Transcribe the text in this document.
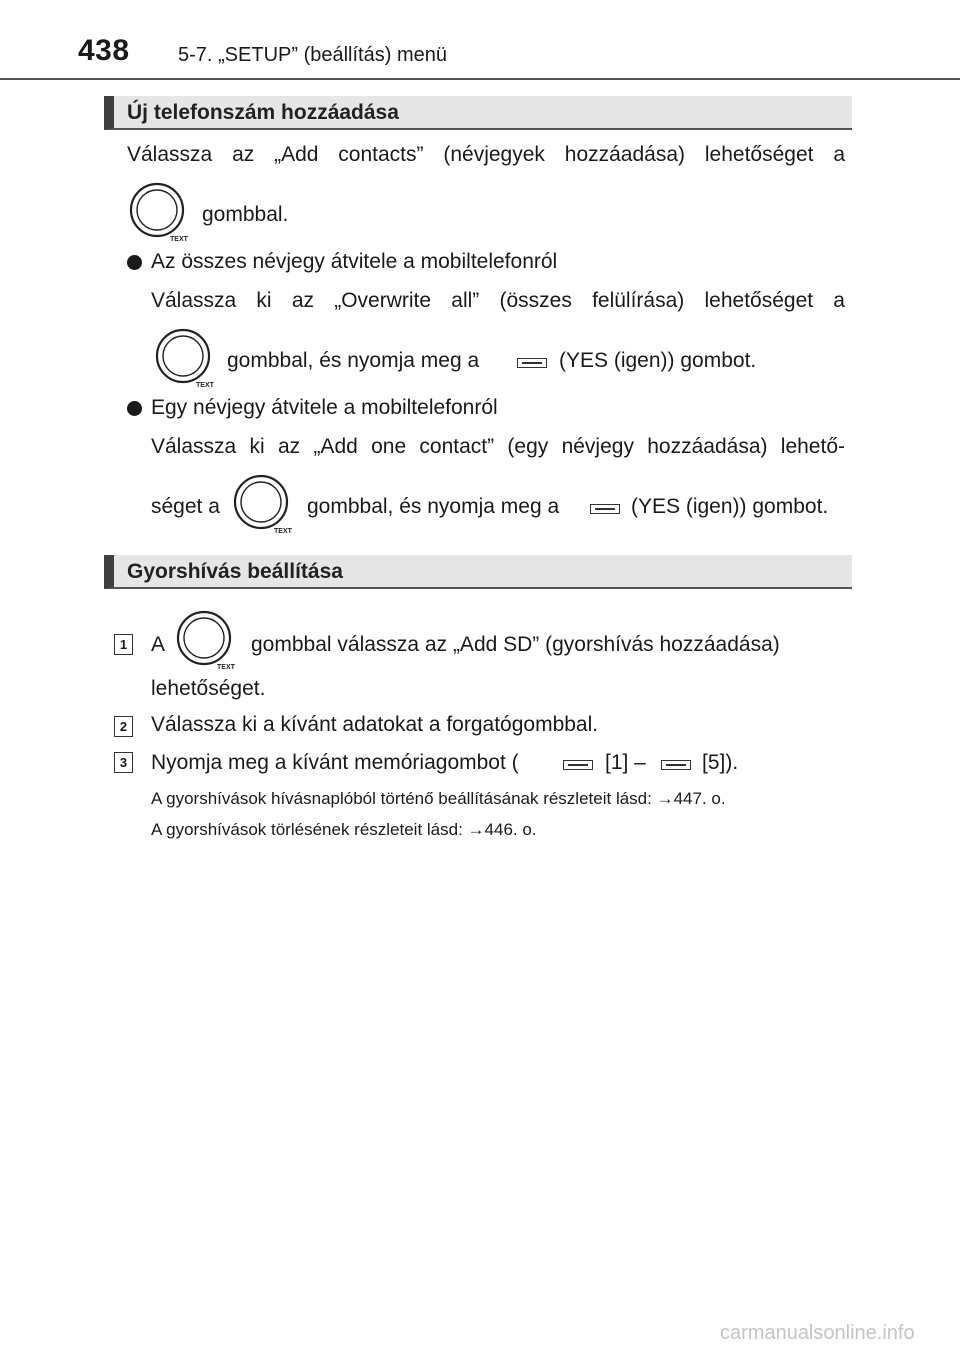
438 5-7. „SETUP” (beállítás) menü
Új telefonszám hozzáadása
Válassza az „Add contacts” (névjegyek hozzáadása) lehetőséget a
TEXT
gombbal.
Az összes névjegy átvitele a mobiltelefonról
Válassza ki az „Overwrite all” (összes felülírása) lehetőséget a
TEXT
gombbal, és nyomja meg a	(YES (igen)) gombot.
Egy névjegy átvitele a mobiltelefonról
Válassza ki az „Add one contact” (egy névjegy hozzáadása) lehető-
séget a
TEXT
gombbal, és nyomja meg a	(YES (igen)) gombot.
Gyorshívás beállítása
1 A
TEXT
gombbal válassza az „Add SD” (gyorshívás hozzáadása)
lehetőséget.
2 Válassza ki a kívánt adatokat a forgatógombbal.
3 Nyomja meg a kívánt memóriagombot (	[1] –	[5]).
A gyorshívások hívásnaplóból történő beállításának részleteit lásd: →447. o.
A gyorshívások törlésének részleteit lásd: →446. o.
carmanualsonline.info
